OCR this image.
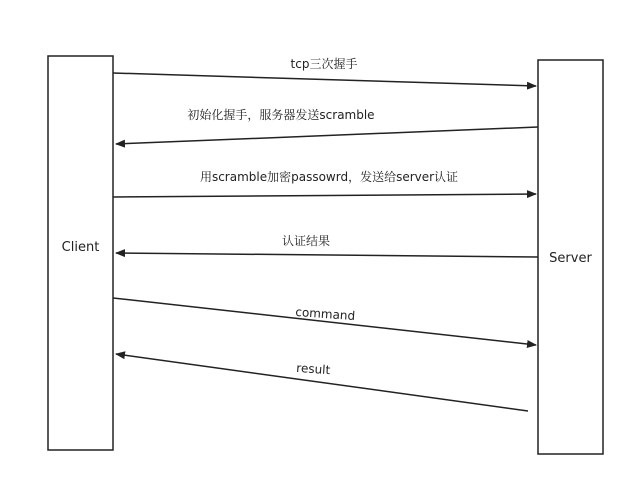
Client
Server
tcp三次握手
初始化握手，服务器发送scramble
用scramble加密passowrd，发送给server认证
认证结果
command
result
